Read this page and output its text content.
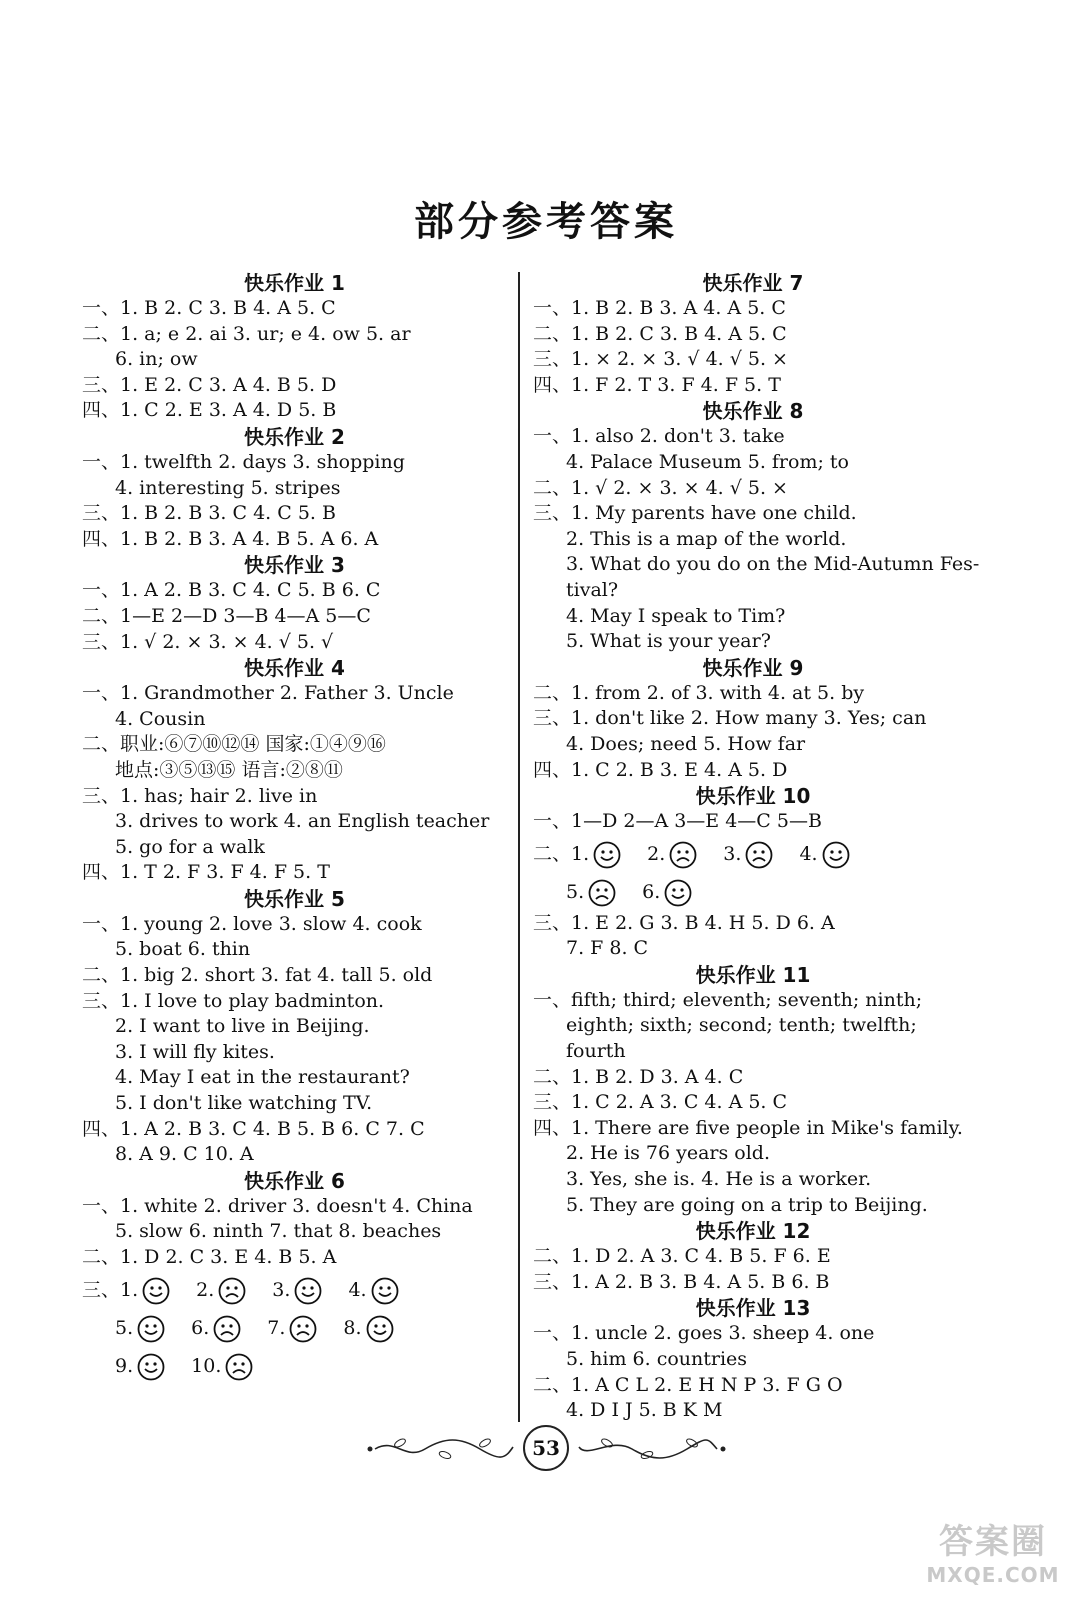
部分参考答案
快乐作业 1
一、1. B 2. C 3. B 4. A 5. C
二、1. a; e 2. ai 3. ur; e 4. ow 5. ar
6. in; ow
三、1. E 2. C 3. A 4. B 5. D
四、1. C 2. E 3. A 4. D 5. B
快乐作业 2
一、1. twelfth 2. days 3. shopping
4. interesting 5. stripes
三、1. B 2. B 3. C 4. C 5. B
四、1. B 2. B 3. A 4. B 5. A 6. A
快乐作业 3
一、1. A 2. B 3. C 4. C 5. B 6. C
二、1—E 2—D 3—B 4—A 5—C
三、1. √ 2. × 3. × 4. √ 5. √
快乐作业 4
一、1. Grandmother 2. Father 3. Uncle
4. Cousin
二、职业:⑥⑦⑩⑫⑭ 国家:①④⑨⑯
地点:③⑤⑬⑮ 语言:②⑧⑪
三、1. has; hair 2. live in
3. drives to work 4. an English teacher
5. go for a walk
四、1. T 2. F 3. F 4. F 5. T
快乐作业 5
一、1. young 2. love 3. slow 4. cook
5. boat 6. thin
二、1. big 2. short 3. fat 4. tall 5. old
三、1. I love to play badminton.
2. I want to live in Beijing.
3. I will fly kites.
4. May I eat in the restaurant?
5. I don't like watching TV.
四、1. A 2. B 3. C 4. B 5. B 6. C 7. C
8. A 9. C 10. A
快乐作业 6
一、1. white 2. driver 3. doesn't 4. China
5. slow 6. ninth 7. that 8. beaches
二、1. D 2. C 3. E 4. B 5. A
三、1.	2.	3.	4.
5.	6.	7.	8.
9.	10.
快乐作业 7
一、1. B 2. B 3. A 4. A 5. C
二、1. B 2. C 3. B 4. A 5. C
三、1. × 2. × 3. √ 4. √ 5. ×
四、1. F 2. T 3. F 4. F 5. T
快乐作业 8
一、1. also 2. don't 3. take
4. Palace Museum 5. from; to
二、1. √ 2. × 3. × 4. √ 5. ×
三、1. My parents have one child.
2. This is a map of the world.
3. What do you do on the Mid-Autumn Fes-
tival?
4. May I speak to Tim?
5. What is your year?
快乐作业 9
二、1. from 2. of 3. with 4. at 5. by
三、1. don't like 2. How many 3. Yes; can
4. Does; need 5. How far
四、1. C 2. B 3. E 4. A 5. D
快乐作业 10
一、1—D 2—A 3—E 4—C 5—B
二、1.	2.	3.	4.
5.	6.
三、1. E 2. G 3. B 4. H 5. D 6. A
7. F 8. C
快乐作业 11
一、fifth; third; eleventh; seventh; ninth;
eighth; sixth; second; tenth; twelfth;
fourth
二、1. B 2. D 3. A 4. C
三、1. C 2. A 3. C 4. A 5. C
四、1. There are five people in Mike's family.
2. He is 76 years old.
3. Yes, she is. 4. He is a worker.
5. They are going on a trip to Beijing.
快乐作业 12
二、1. D 2. A 3. C 4. B 5. F 6. E
三、1. A 2. B 3. B 4. A 5. B 6. B
快乐作业 13
一、1. uncle 2. goes 3. sheep 4. one
5. him 6. countries
二、1. A C L 2. E H N P 3. F G O
4. D I J 5. B K M
53
答案圈
MXQE.COM
